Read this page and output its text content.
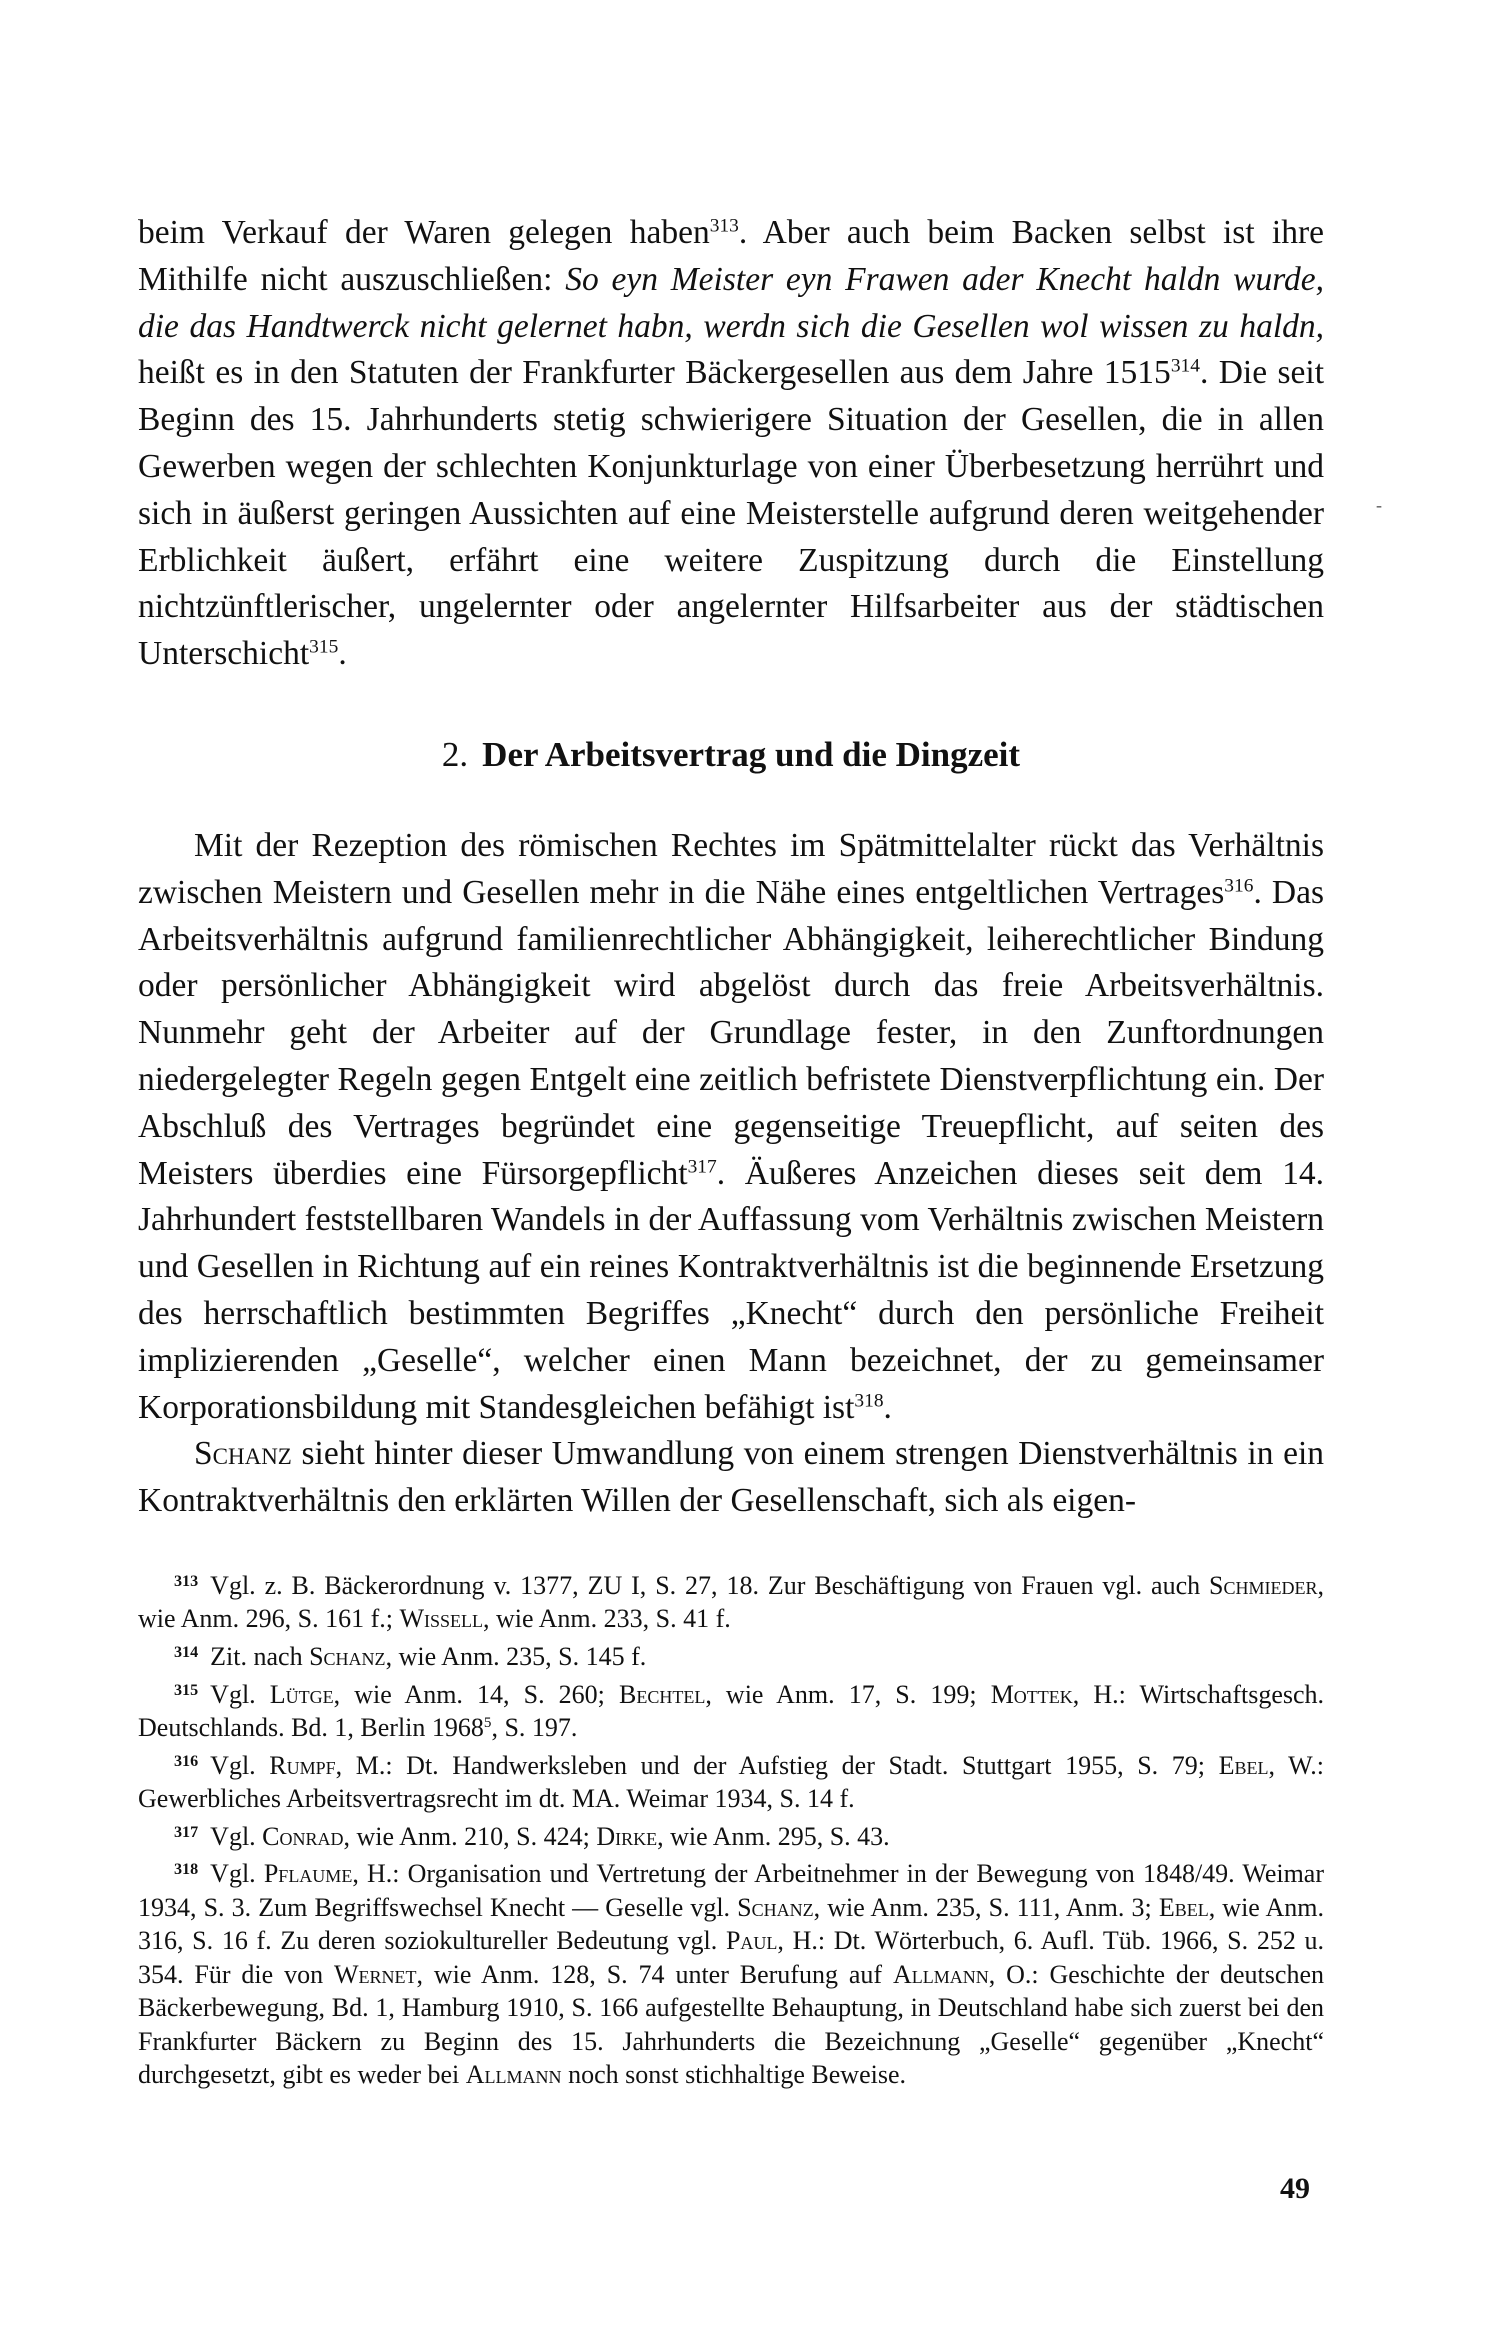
-

beim Verkauf der Waren gelegen haben$^{313}$. Aber auch beim Backen selbst ist ihre Mithilfe nicht auszuschließen: So eyn Meister eyn Frawen ader Knecht haldn wurde, die das Handtwerck nicht gelernet habn, werdn sich die Gesellen wol wissen zu haldn, heißt es in den Statuten der Frankfurter Bäckergesellen aus dem Jahre 1515$^{314}$. Die seit Beginn des 15. Jahrhunderts stetig schwierigere Situation der Gesellen, die in allen Gewerben wegen der schlechten Konjunkturlage von einer Überbesetzung herrührt und sich in äußerst geringen Aussichten auf eine Meisterstelle aufgrund deren weitgehender Erblichkeit äußert, erfährt eine weitere Zuspitzung durch die Einstellung nichtzünftlerischer, ungelernter oder angelernter Hilfsarbeiter aus der städtischen Unterschicht$^{315}$.

2. Der Arbeitsvertrag und die Dingzeit

Mit der Rezeption des römischen Rechtes im Spätmittelalter rückt das Verhältnis zwischen Meistern und Gesellen mehr in die Nähe eines entgeltlichen Vertrages$^{316}$. Das Arbeitsverhältnis aufgrund familienrechtlicher Abhängigkeit, leiherechtlicher Bindung oder persönlicher Abhängigkeit wird abgelöst durch das freie Arbeitsverhältnis. Nunmehr geht der Arbeiter auf der Grundlage fester, in den Zunftordnungen niedergelegter Regeln gegen Entgelt eine zeitlich befristete Dienstverpflichtung ein. Der Abschluß des Vertrages begründet eine gegenseitige Treuepflicht, auf seiten des Meisters überdies eine Fürsorgepflicht$^{317}$. Äußeres Anzeichen dieses seit dem 14. Jahrhundert feststellbaren Wandels in der Auffassung vom Verhältnis zwischen Meistern und Gesellen in Richtung auf ein reines Kontraktverhältnis ist die beginnende Ersetzung des herrschaftlich bestimmten Begriffes „Knecht“ durch den persönliche Freiheit implizierenden „Geselle“, welcher einen Mann bezeichnet, der zu gemeinsamer Korporationsbildung mit Standesgleichen befähigt ist$^{318}$.

Schanz sieht hinter dieser Umwandlung von einem strengen Dienstverhältnis in ein Kontraktverhältnis den erklärten Willen der Gesellenschaft, sich als eigen-

$^{313}$ Vgl. z. B. Bäckerordnung v. 1377, ZU I, S. 27, 18. Zur Beschäftigung von Frauen vgl. auch Schmieder, wie Anm. 296, S. 161 f.; Wissell, wie Anm. 233, S. 41 f.

$^{314}$ Zit. nach Schanz, wie Anm. 235, S. 145 f.

$^{315}$ Vgl. Lütge, wie Anm. 14, S. 260; Bechtel, wie Anm. 17, S. 199; Mottek, H.: Wirtschaftsgesch. Deutschlands. Bd. 1, Berlin 1968$^5$, S. 197.

$^{316}$ Vgl. Rumpf, M.: Dt. Handwerksleben und der Aufstieg der Stadt. Stuttgart 1955, S. 79; Ebel, W.: Gewerbliches Arbeitsvertragsrecht im dt. MA. Weimar 1934, S. 14 f.

$^{317}$ Vgl. Conrad, wie Anm. 210, S. 424; Dirke, wie Anm. 295, S. 43.

$^{318}$ Vgl. Pflaume, H.: Organisation und Vertretung der Arbeitnehmer in der Bewegung von 1848/49. Weimar 1934, S. 3. Zum Begriffswechsel Knecht — Geselle vgl. Schanz, wie Anm. 235, S. 111, Anm. 3; Ebel, wie Anm. 316, S. 16 f. Zu deren soziokultureller Bedeutung vgl. Paul, H.: Dt. Wörterbuch, 6. Aufl. Tüb. 1966, S. 252 u. 354. Für die von Wernet, wie Anm. 128, S. 74 unter Berufung auf Allmann, O.: Geschichte der deutschen Bäckerbewegung, Bd. 1, Hamburg 1910, S. 166 aufgestellte Behauptung, in Deutschland habe sich zuerst bei den Frankfurter Bäckern zu Beginn des 15. Jahrhunderts die Bezeichnung „Geselle“ gegenüber „Knecht“ durchgesetzt, gibt es weder bei Allmann noch sonst stichhaltige Beweise.

49
